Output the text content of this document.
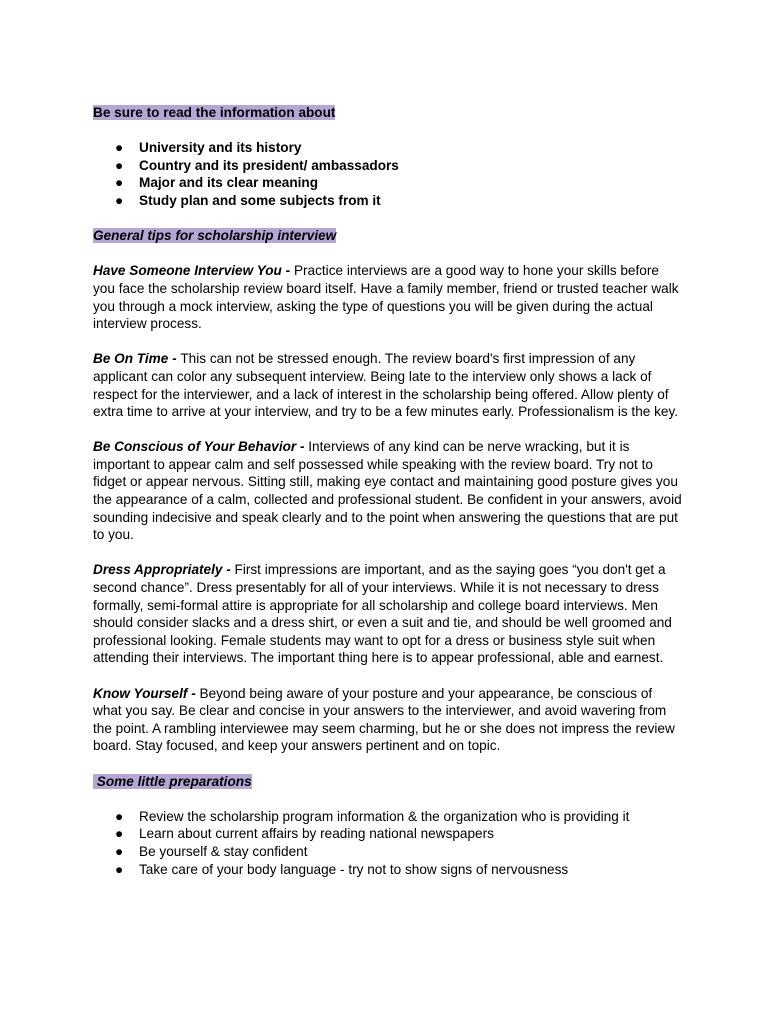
Be sure to read the information about

● University and its history
● Country and its president/ ambassadors
● Major and its clear meaning
● Study plan and some subjects from it

General tips for scholarship interview

Have Someone Interview You - Practice interviews are a good way to hone your skills before you face the scholarship review board itself. Have a family member, friend or trusted teacher walk you through a mock interview, asking the type of questions you will be given during the actual interview process.

Be On Time - This can not be stressed enough. The review board's first impression of any applicant can color any subsequent interview. Being late to the interview only shows a lack of respect for the interviewer, and a lack of interest in the scholarship being offered. Allow plenty of extra time to arrive at your interview, and try to be a few minutes early. Professionalism is the key.

Be Conscious of Your Behavior - Interviews of any kind can be nerve wracking, but it is important to appear calm and self possessed while speaking with the review board. Try not to fidget or appear nervous. Sitting still, making eye contact and maintaining good posture gives you the appearance of a calm, collected and professional student. Be confident in your answers, avoid sounding indecisive and speak clearly and to the point when answering the questions that are put to you.

Dress Appropriately - First impressions are important, and as the saying goes “you don't get a second chance”. Dress presentably for all of your interviews. While it is not necessary to dress formally, semi-formal attire is appropriate for all scholarship and college board interviews. Men should consider slacks and a dress shirt, or even a suit and tie, and should be well groomed and professional looking. Female students may want to opt for a dress or business style suit when attending their interviews. The important thing here is to appear professional, able and earnest.

Know Yourself - Beyond being aware of your posture and your appearance, be conscious of what you say. Be clear and concise in your answers to the interviewer, and avoid wavering from the point. A rambling interviewee may seem charming, but he or she does not impress the review board. Stay focused, and keep your answers pertinent and on topic.

Some little preparations

● Review the scholarship program information & the organization who is providing it
● Learn about current affairs by reading national newspapers
● Be yourself & stay confident
● Take care of your body language - try not to show signs of nervousness
